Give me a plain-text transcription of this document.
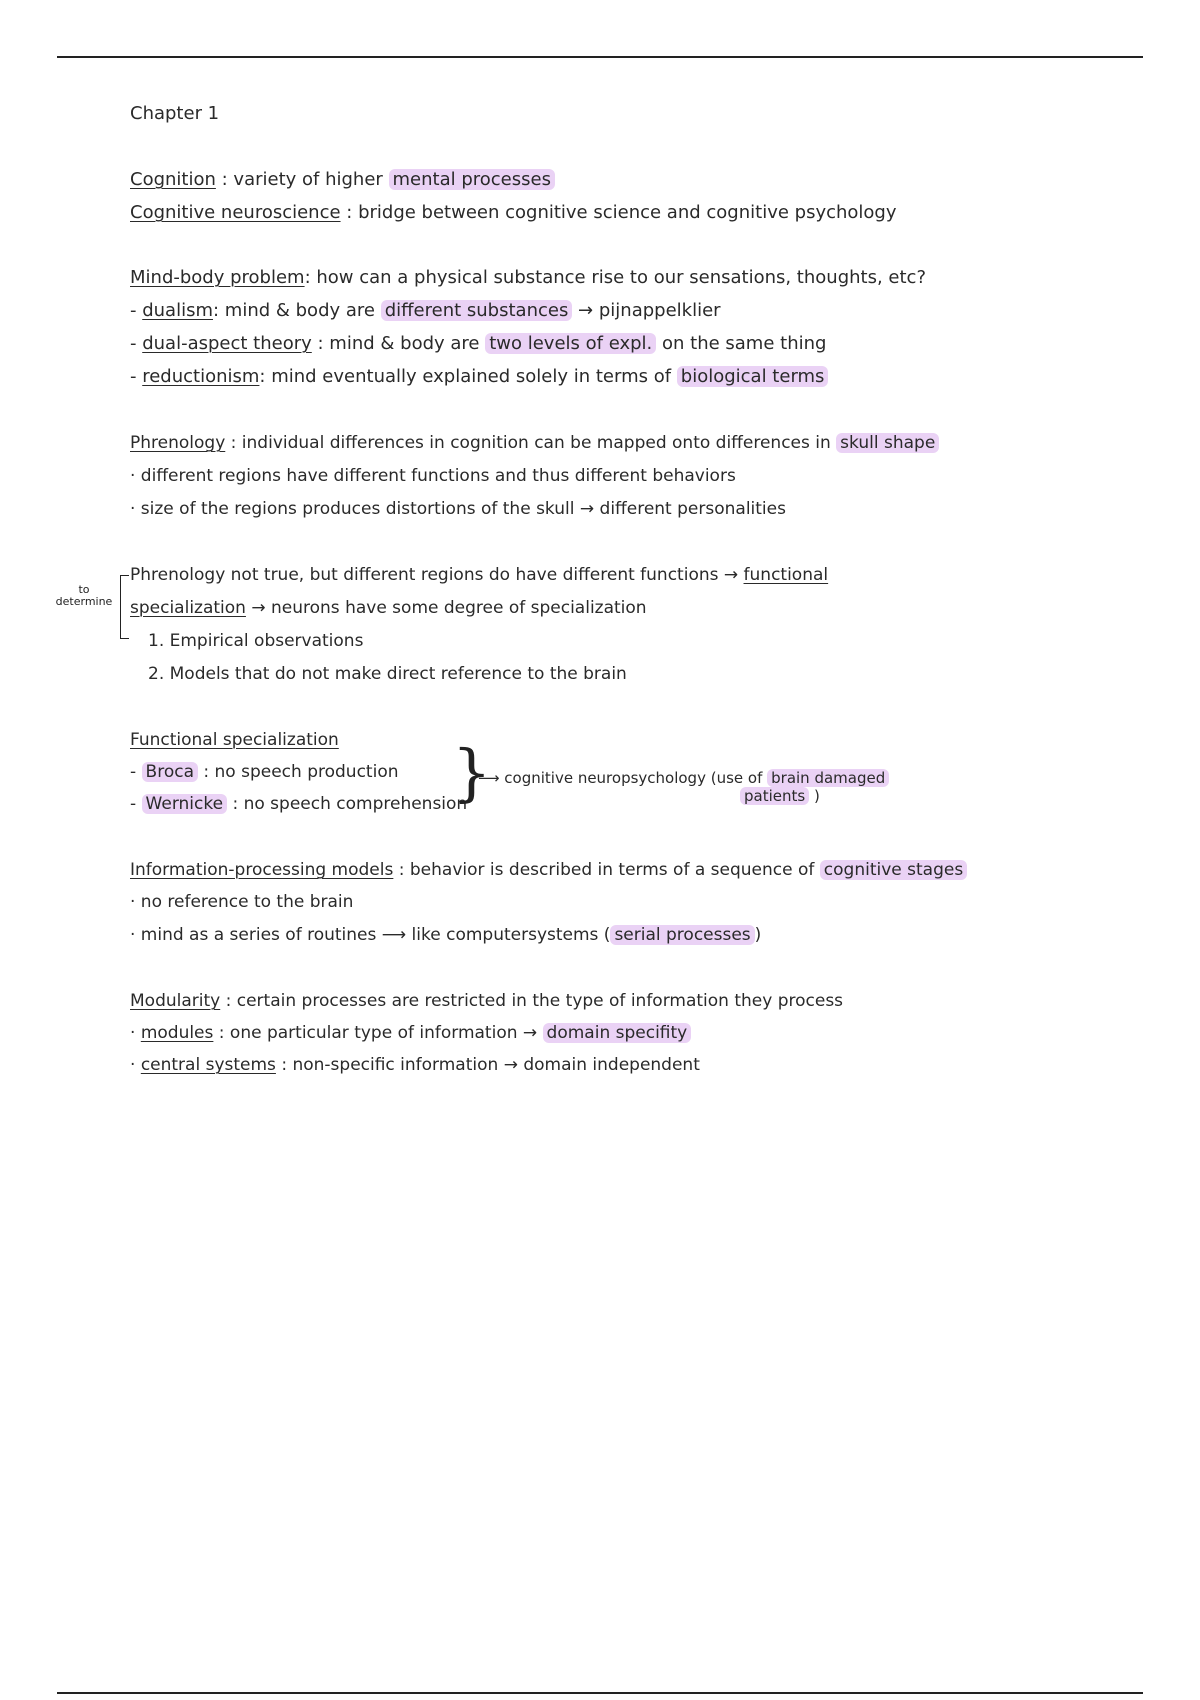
Chapter 1
Cognition : variety of higher mental processes
Cognitive neuroscience : bridge between cognitive science and cognitive psychology
Mind-body problem: how can a physical substance rise to our sensations, thoughts, etc?
- dualism: mind & body are different substances → pijnappelklier
- dual-aspect theory : mind & body are two levels of expl. on the same thing
- reductionism: mind eventually explained solely in terms of biological terms
Phrenology : individual differences in cognition can be mapped onto differences in skull shape
· different regions have different functions and thus different behaviors
· size of the regions produces distortions of the skull → different personalities
to
determine
Phrenology not true, but different regions do have different functions → functional
specialization → neurons have some degree of specialization
1. Empirical observations
2. Models that do not make direct reference to the brain
Functional specialization
- Broca : no speech production
- Wernicke : no speech comprehension
}
⟶ cognitive neuropsychology (use of brain damaged
patients )
Information-processing models : behavior is described in terms of a sequence of cognitive stages
· no reference to the brain
· mind as a series of routines ⟶ like computersystems ( serial processes )
Modularity : certain processes are restricted in the type of information they process
· modules : one particular type of information → domain specifity
· central systems : non-specific information → domain independent
